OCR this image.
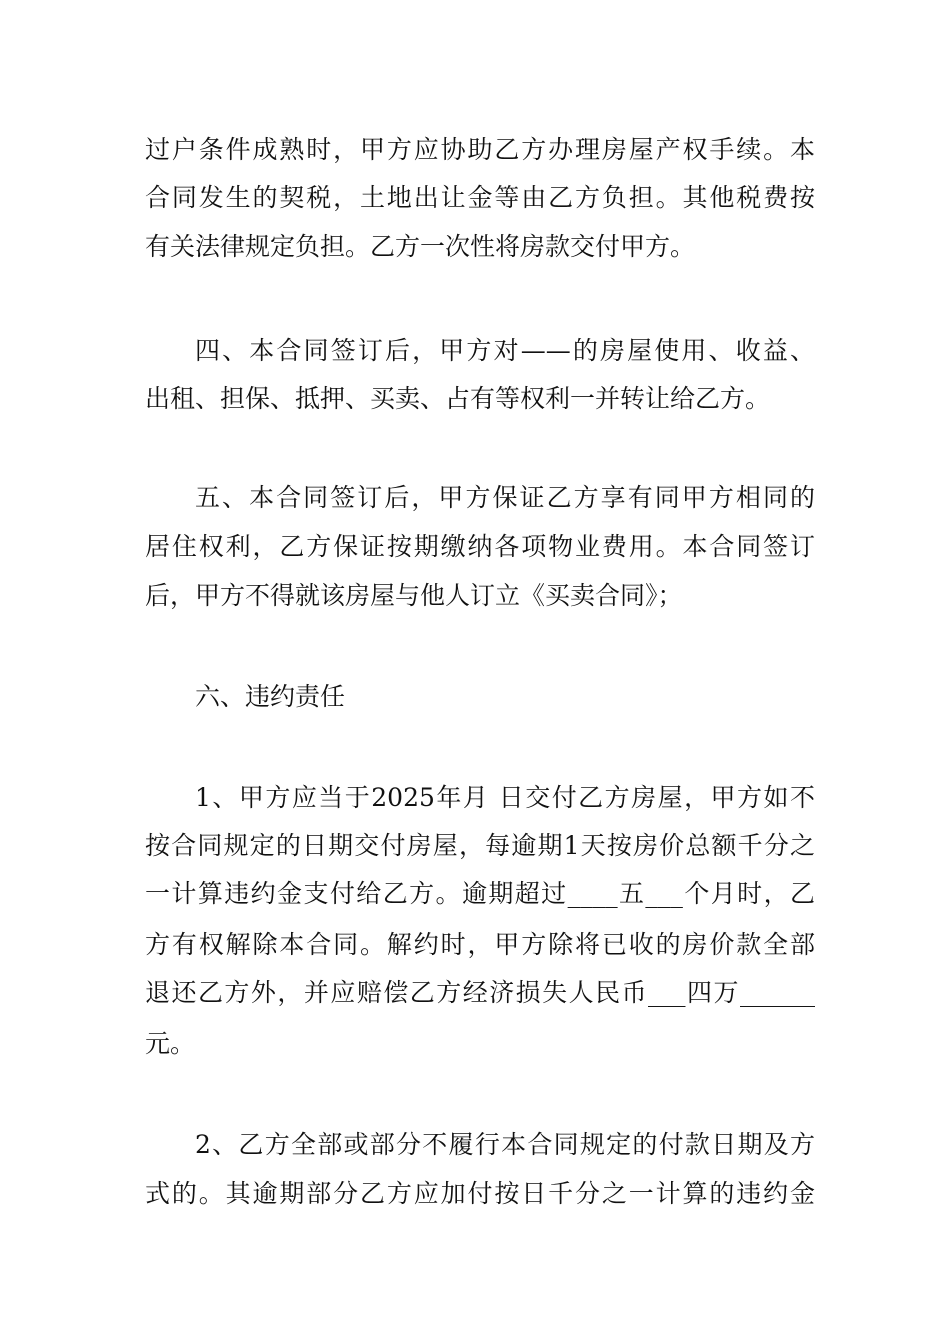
过户条件成熟时，甲方应协助乙方办理房屋产权手续。本
合同发生的契税，土地出让金等由乙方负担。其他税费按
有关法律规定负担。乙方一次性将房款交付甲方。
四、本合同签订后，甲方对——的房屋使用、收益、
出租、担保、抵押、买卖、占有等权利一并转让给乙方。
五、本合同签订后，甲方保证乙方享有同甲方相同的
居住权利，乙方保证按期缴纳各项物业费用。本合同签订
后，甲方不得就该房屋与他人订立《买卖合同》；
六、违约责任
1、甲方应当于2025年月 日交付乙方房屋，甲方如不
按合同规定的日期交付房屋，每逾期1天按房价总额千分之
一计算违约金支付给乙方。逾期超过____五___个月时，乙
方有权解除本合同。解约时，甲方除将已收的房价款全部
退还乙方外，并应赔偿乙方经济损失人民币___四万______
元。
2、乙方全部或部分不履行本合同规定的付款日期及方
式的。其逾期部分乙方应加付按日千分之一计算的违约金
